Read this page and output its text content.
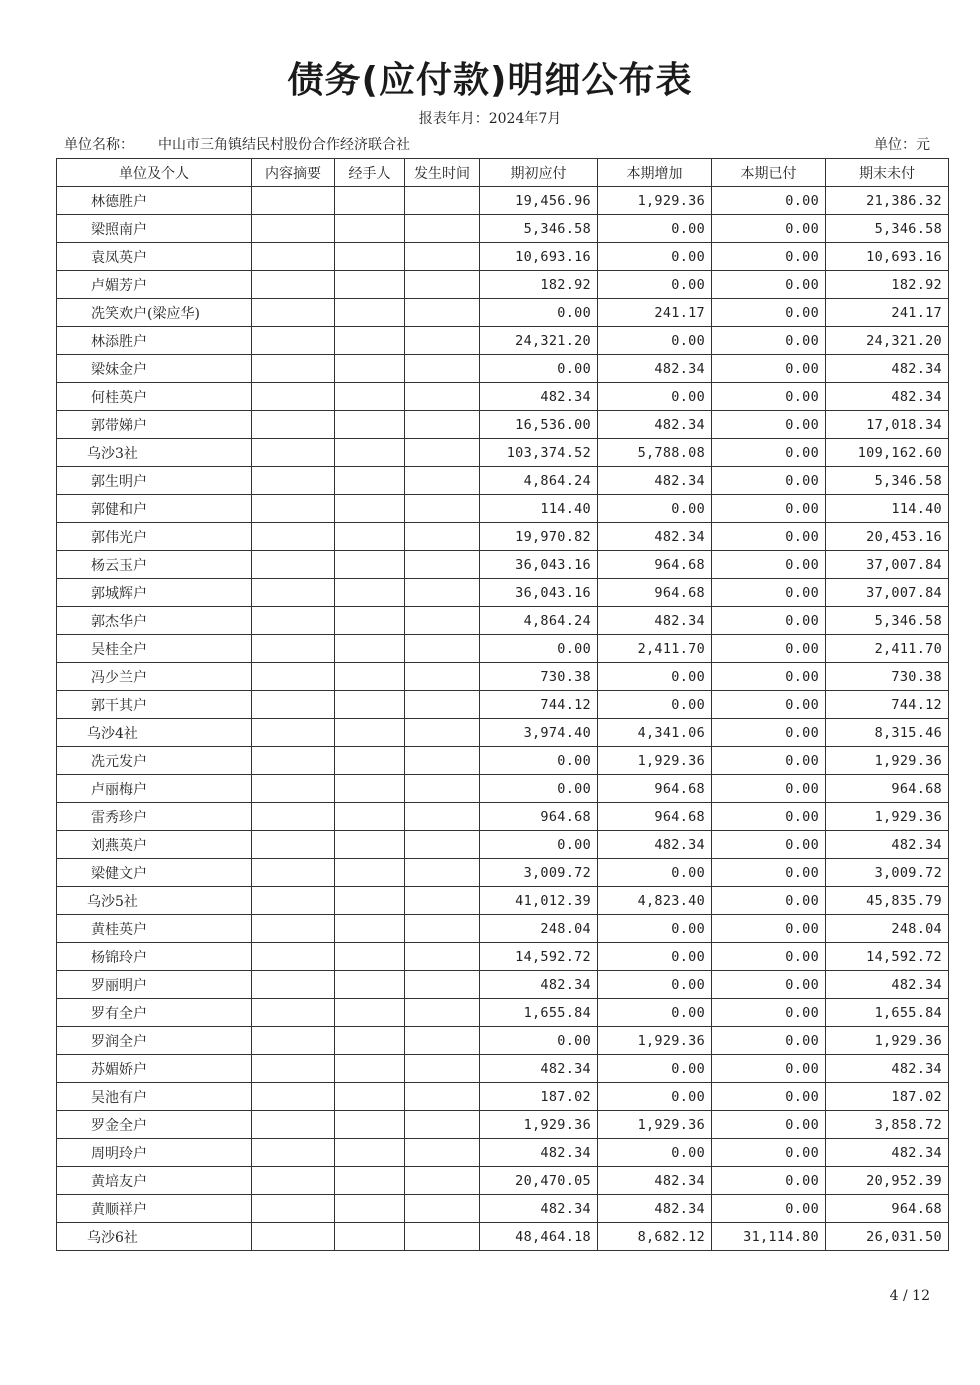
债务(应付款)明细公布表
报表年月：2024年7月
单位名称： 中山市三角镇结民村股份合作经济联合社	单位：元
单位及个人	内容摘要	经手人	发生时间	期初应付	本期增加	本期已付	期末未付
林德胜户				19,456.96	1,929.36	0.00	21,386.32
梁照南户				5,346.58	0.00	0.00	5,346.58
袁凤英户				10,693.16	0.00	0.00	10,693.16
卢媚芳户				182.92	0.00	0.00	182.92
冼笑欢户(梁应华)				0.00	241.17	0.00	241.17
林添胜户				24,321.20	0.00	0.00	24,321.20
梁妹金户				0.00	482.34	0.00	482.34
何桂英户				482.34	0.00	0.00	482.34
郭带娣户				16,536.00	482.34	0.00	17,018.34
乌沙3社				103,374.52	5,788.08	0.00	109,162.60
郭生明户				4,864.24	482.34	0.00	5,346.58
郭健和户				114.40	0.00	0.00	114.40
郭伟光户				19,970.82	482.34	0.00	20,453.16
杨云玉户				36,043.16	964.68	0.00	37,007.84
郭城辉户				36,043.16	964.68	0.00	37,007.84
郭杰华户				4,864.24	482.34	0.00	5,346.58
吴桂全户				0.00	2,411.70	0.00	2,411.70
冯少兰户				730.38	0.00	0.00	730.38
郭干其户				744.12	0.00	0.00	744.12
乌沙4社				3,974.40	4,341.06	0.00	8,315.46
冼元发户				0.00	1,929.36	0.00	1,929.36
卢丽梅户				0.00	964.68	0.00	964.68
雷秀珍户				964.68	964.68	0.00	1,929.36
刘燕英户				0.00	482.34	0.00	482.34
梁健文户				3,009.72	0.00	0.00	3,009.72
乌沙5社				41,012.39	4,823.40	0.00	45,835.79
黄桂英户				248.04	0.00	0.00	248.04
杨锦玲户				14,592.72	0.00	0.00	14,592.72
罗丽明户				482.34	0.00	0.00	482.34
罗有全户				1,655.84	0.00	0.00	1,655.84
罗润全户				0.00	1,929.36	0.00	1,929.36
苏媚娇户				482.34	0.00	0.00	482.34
吴池有户				187.02	0.00	0.00	187.02
罗金全户				1,929.36	1,929.36	0.00	3,858.72
周明玲户				482.34	0.00	0.00	482.34
黄培友户				20,470.05	482.34	0.00	20,952.39
黄顺祥户				482.34	482.34	0.00	964.68
乌沙6社				48,464.18	8,682.12	31,114.80	26,031.50
4 / 12
